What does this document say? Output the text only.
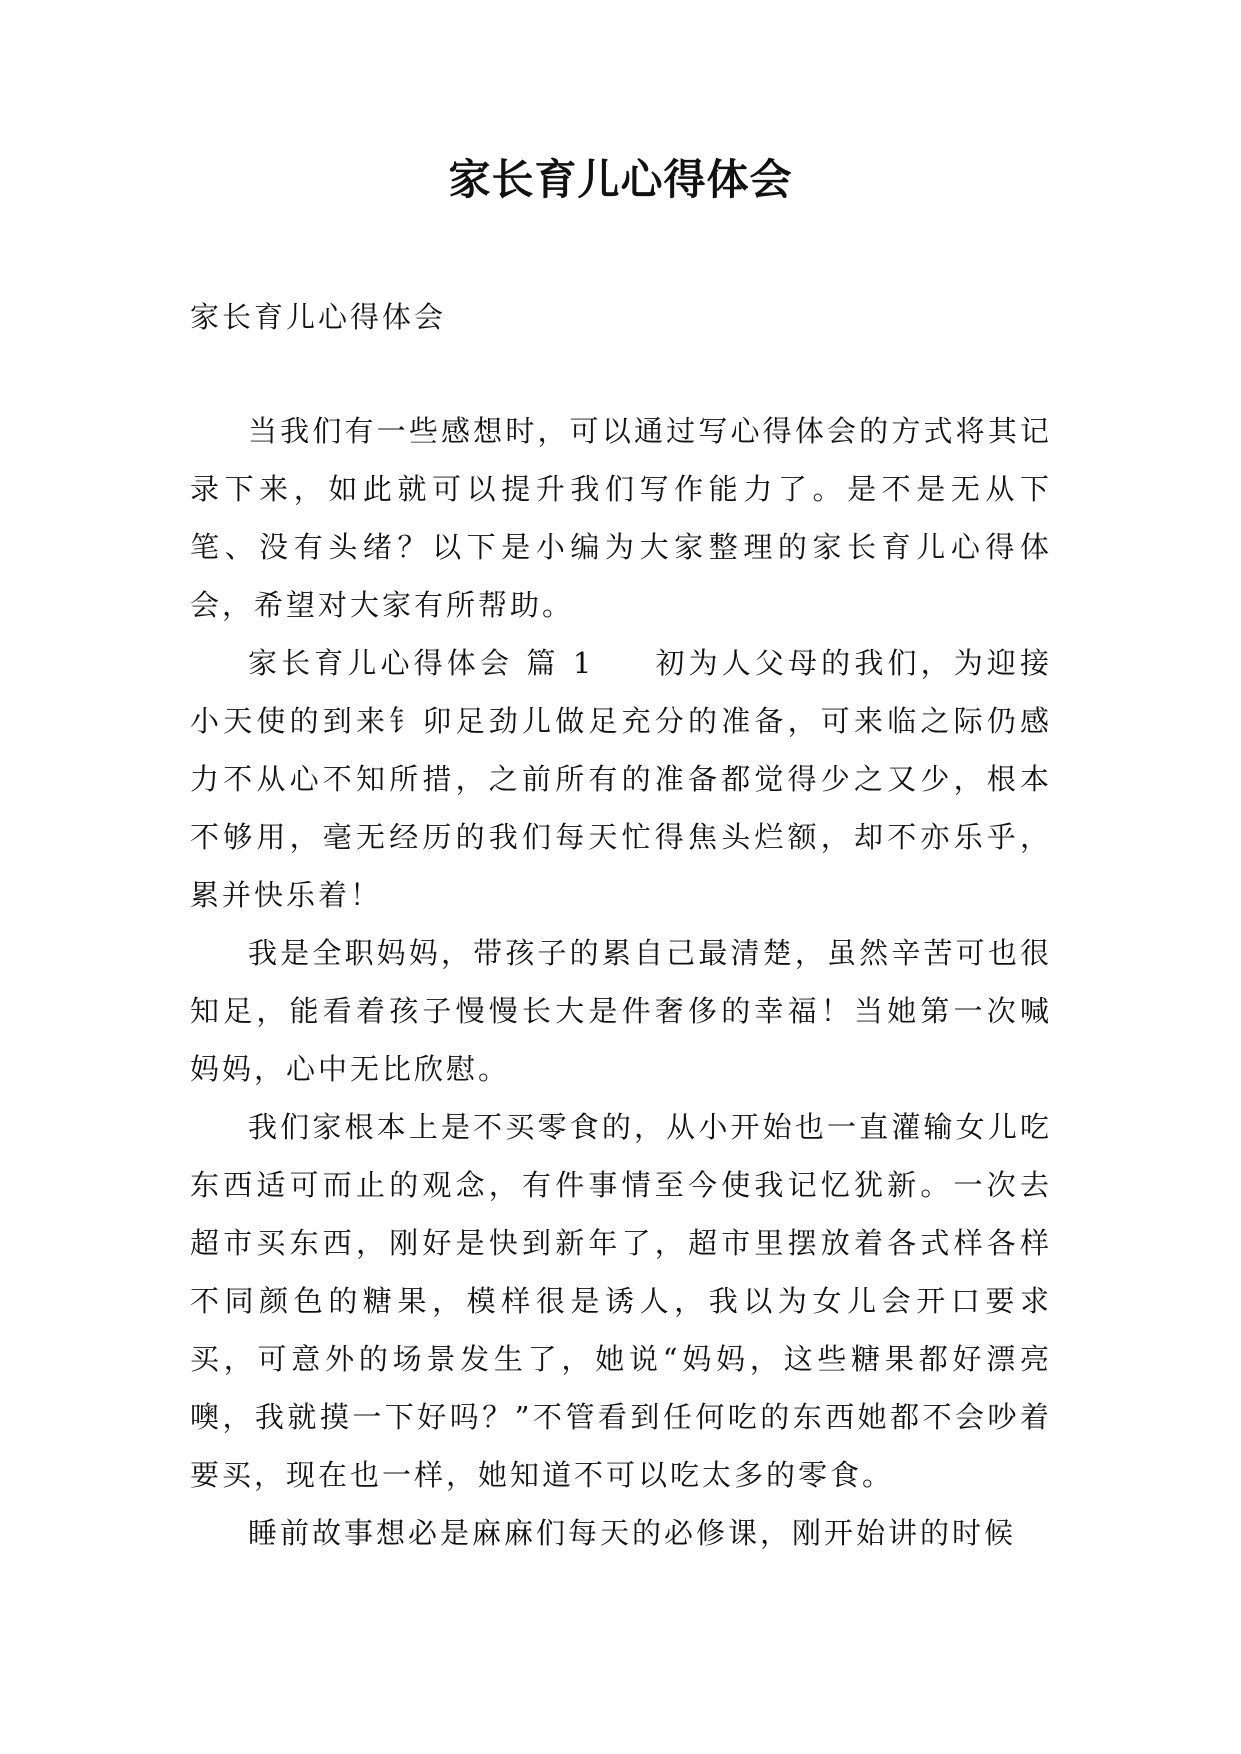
家长育儿心得体会

家长育儿心得体会

当我们有一些感想时，可以通过写心得体会的方式将其记录下来，如此就可以提升我们写作能力了。是不是无从下笔、没有头绪？以下是小编为大家整理的家长育儿心得体会，希望对大家有所帮助。

家长育儿心得体会 篇 1 初为人父母的我们，为迎接小天使的到来钅卯足劲儿做足充分的准备，可来临之际仍感力不从心不知所措，之前所有的准备都觉得少之又少，根本不够用，毫无经历的我们每天忙得焦头烂额，却不亦乐乎，累并快乐着！

我是全职妈妈，带孩子的累自己最清楚，虽然辛苦可也很知足，能看着孩子慢慢长大是件奢侈的幸福！当她第一次喊妈妈，心中无比欣慰。

我们家根本上是不买零食的，从小开始也一直灌输女儿吃东西适可而止的观念，有件事情至今使我记忆犹新。一次去超市买东西，刚好是快到新年了，超市里摆放着各式样各样不同颜色的糖果，模样很是诱人，我以为女儿会开口要求买，可意外的场景发生了，她说“妈妈，这些糖果都好漂亮噢，我就摸一下好吗？”不管看到任何吃的东西她都不会吵着要买，现在也一样，她知道不可以吃太多的零食。

睡前故事想必是麻麻们每天的必修课，刚开始讲的时候
